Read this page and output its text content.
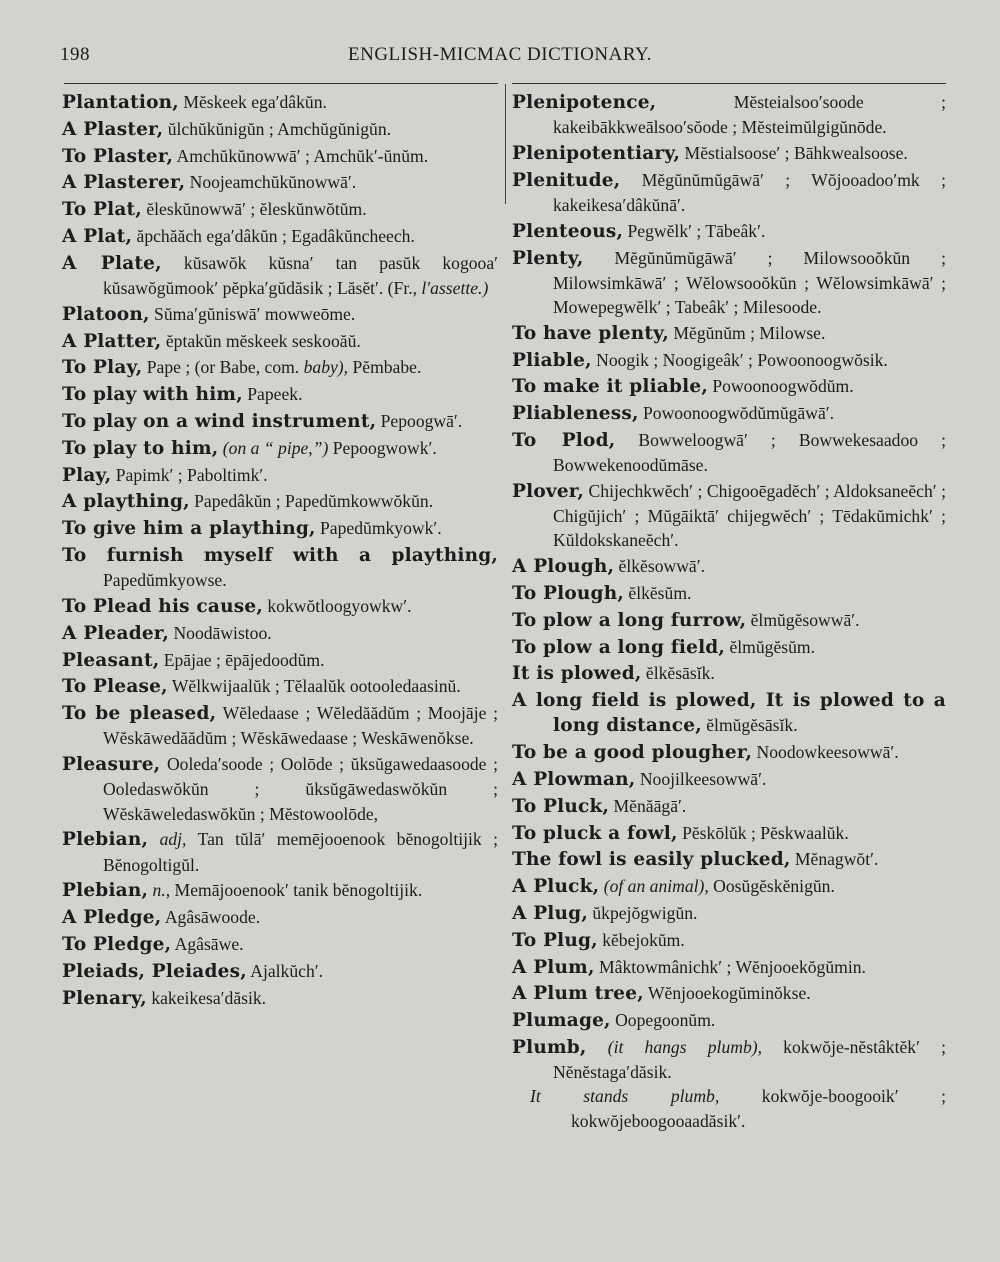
198	ENGLISH-MICMAC DICTIONARY.
Plantation, Mĕskeek ega′dâkŭn.
A Plaster, ŭlchŭkŭnigŭn ; Amchŭgŭnigŭn.
To Plaster, Amchŭkŭnowwā′ ; Amchŭk′-ŭnŭm.
A Plasterer, Noojeamchŭkŭnowwā′.
To Plat, ĕleskŭnowwā′ ; ĕleskŭnwŏtŭm.
A Plat, ăpchăăch ega′dâkŭn ; Egadâkŭncheech.
A Plate, kŭsawŏk kŭsna′ tan pasŭk kogooa′ kŭsawŏgŭmook′ pĕpka′gŭdăsik ; Lăsĕt′. (Fr., l′assette.)
Platoon, Sŭma′gŭniswā′ mowweōme.
A Platter, ĕptakŭn mĕskeek seskooăŭ.
To Play, Pape ; (or Babe, com. baby), Pĕmbabe.
To play with him, Papeek.
To play on a wind instrument, Pepoogwā′.
To play to him, (on a “ pipe,”) Pepoogwowk′.
Play, Papimk′ ; Paboltimk′.
A plaything, Papedâkŭn ; Papedŭmkowwŏkŭn.
To give him a plaything, Papedŭmkyowk′.
To furnish myself with a plaything, Papedŭmkyowse.
To Plead his cause, kokwŏtloogyowkw′.
A Pleader, Noodāwistoo.
Pleasant, Epājae ; ēpājedoodŭm.
To Please, Wĕlkwijaalŭk ; Tĕlaalŭk ootooledaasinŭ.
To be pleased, Wĕledaase ; Wĕledăădŭm ; Moojāje ; Wĕskāwedăădŭm ; Wĕskāwedaase ; Weskāwenŏkse.
Pleasure, Ooleda′soode ; Oolōde ; ŭksŭgawedaasoode ; Ooledaswŏkŭn ; ŭksŭgāwedaswŏkŭn ; Wĕskāweledaswŏkŭn ; Mĕstowoolōde,
Plebian, adj, Tan tŭlā′ memējooenook bĕnogoltijik ; Bĕnogoltigŭl.
Plebian, n., Memājooenook′ tanik bĕnogoltijik.
A Pledge, Agâsāwoode.
To Pledge, Agâsāwe.
Pleiads, Pleiades, Ajalkŭch′.
Plenary, kakeikesa′dăsik.
Plenipotence, Mĕsteialsoo′soode ; kakeibākkweālsoo′sŏode ; Mĕsteimŭlgigŭnōde.
Plenipotentiary, Mĕstialsoose′ ; Bāhkwealsoose.
Plenitude, Mĕgŭnŭmŭgāwā′ ; Wŏjooadoo′mk ; kakeikesa′dâkŭnā′.
Plenteous, Pegwĕlk′ ; Tābeâk′.
Plenty, Mĕgŭnŭmŭgāwā′ ; Milowsooŏkŭn ; Milowsimkāwā′ ; Wĕlowsooŏkŭn ; Wĕlowsimkāwā′ ; Mowepegwĕlk′ ; Tabeâk′ ; Milesoode.
To have plenty, Mĕgŭnŭm ; Milowse.
Pliable, Noogik ; Noogigeâk′ ; Powoonoogwŏsik.
To make it pliable, Powoonoogwŏdŭm.
Pliableness, Powoonoogwŏdŭmŭgāwā′.
To Plod, Bowweloogwā′ ; Bowwekesaadoo ; Bowwekenoodŭmāse.
Plover, Chijechkwĕch′ ; Chigooēgadĕch′ ; Aldoksaneĕch′ ; Chigŭjich′ ; Mŭgāiktā′ chijegwĕch′ ; Tēdakŭmichk′ ; Kŭldokskaneĕch′.
A Plough, ĕlkĕsowwā′.
To Plough, ĕlkĕsŭm.
To plow a long furrow, ĕlmŭgĕsowwā′.
To plow a long field, ĕlmŭgĕsŭm.
It is plowed, ĕlkĕsāsĭk.
A long field is plowed, It is plowed to a long distance, ĕlmŭgĕsāsĭk.
To be a good plougher, Noodowkeesowwā′.
A Plowman, Noojilkeesowwā′.
To Pluck, Mĕnăāgā′.
To pluck a fowl, Pĕskōlŭk ; Pĕskwaalŭk.
The fowl is easily plucked, Mĕnagwŏt′.
A Pluck, (of an animal), Oosŭgĕskĕnigŭn.
A Plug, ŭkpejŏgwigŭn.
To Plug, kĕbejokŭm.
A Plum, Mâktowmânichk′ ; Wĕnjooekŏgŭmin.
A Plum tree, Wĕnjooekogŭminŏkse.
Plumage, Oopegoonŭm.
Plumb, (it hangs plumb), kokwŏje-nĕstâktĕk′ ; Nĕnĕstaga′dăsik.
It stands plumb, kokwŏje-boogooik′ ; kokwŏjeboogooaadăsik′.
